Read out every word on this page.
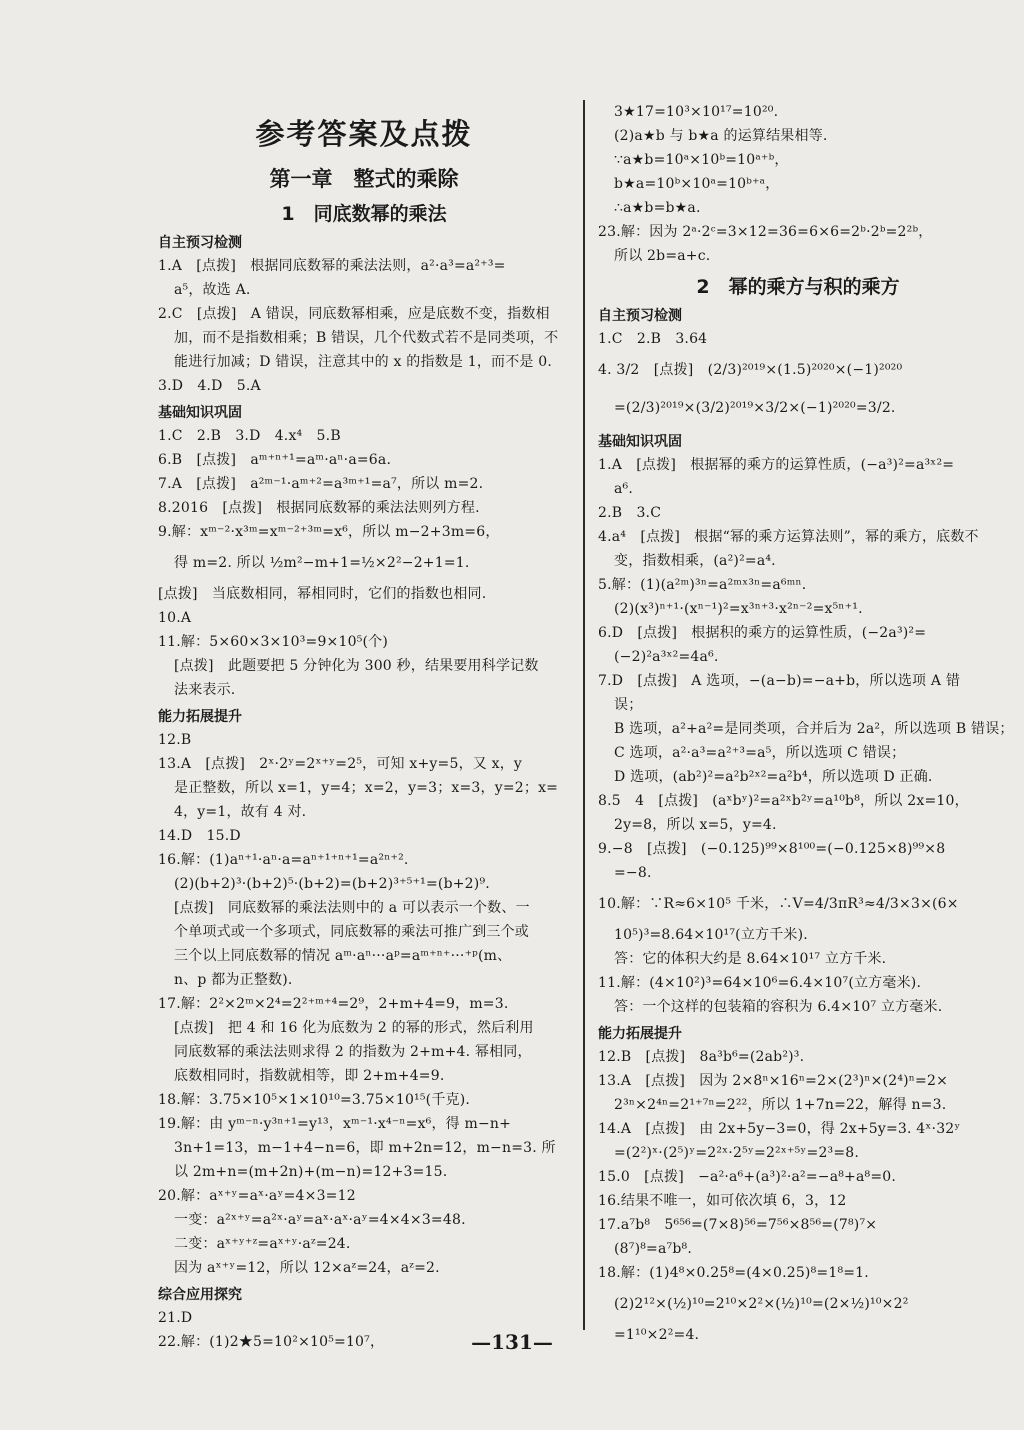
参考答案及点拨
第一章　整式的乘除
1　同底数幂的乘法
自主预习检测
1.A　[点拨]　根据同底数幂的乘法法则，a²·a³=a²⁺³=
a⁵，故选 A.
2.C　[点拨]　A 错误，同底数幂相乘，应是底数不变，指数相
加，而不是指数相乘；B 错误，几个代数式若不是同类项，不
能进行加减；D 错误，注意其中的 x 的指数是 1，而不是 0.
3.D　4.D　5.A
基础知识巩固
1.C　2.B　3.D　4.x⁴　5.B
6.B　[点拨]　aᵐ⁺ⁿ⁺¹=aᵐ·aⁿ·a=6a.
7.A　[点拨]　a²ᵐ⁻¹·aᵐ⁺²=a³ᵐ⁺¹=a⁷，所以 m=2.
8.2016　[点拨]　根据同底数幂的乘法法则列方程.
9.解：xᵐ⁻²·x³ᵐ=xᵐ⁻²⁺³ᵐ=x⁶，所以 m−2+3m=6，
得 m=2. 所以 ½m²−m+1=½×2²−2+1=1.
[点拨]　当底数相同，幂相同时，它们的指数也相同.
10.A
11.解：5×60×3×10³=9×10⁵(个)
[点拨]　此题要把 5 分钟化为 300 秒，结果要用科学记数
法来表示.
能力拓展提升
12.B
13.A　[点拨]　2ˣ·2ʸ=2ˣ⁺ʸ=2⁵，可知 x+y=5，又 x，y
是正整数，所以 x=1，y=4；x=2，y=3；x=3，y=2；x=
4，y=1，故有 4 对.
14.D　15.D
16.解：(1)aⁿ⁺¹·aⁿ·a=aⁿ⁺¹⁺ⁿ⁺¹=a²ⁿ⁺².
(2)(b+2)³·(b+2)⁵·(b+2)=(b+2)³⁺⁵⁺¹=(b+2)⁹.
[点拨]　同底数幂的乘法法则中的 a 可以表示一个数、一
个单项式或一个多项式，同底数幂的乘法可推广到三个或
三个以上同底数幂的情况 aᵐ·aⁿ···aᵖ=aᵐ⁺ⁿ⁺···⁺ᵖ(m、
n、p 都为正整数).
17.解：2²×2ᵐ×2⁴=2²⁺ᵐ⁺⁴=2⁹，2+m+4=9，m=3.
[点拨]　把 4 和 16 化为底数为 2 的幂的形式，然后利用
同底数幂的乘法法则求得 2 的指数为 2+m+4. 幂相同，
底数相同时，指数就相等，即 2+m+4=9.
18.解：3.75×10⁵×1×10¹⁰=3.75×10¹⁵(千克).
19.解：由 yᵐ⁻ⁿ·y³ⁿ⁺¹=y¹³，xᵐ⁻¹·x⁴⁻ⁿ=x⁶，得 m−n+
3n+1=13，m−1+4−n=6，即 m+2n=12，m−n=3. 所
以 2m+n=(m+2n)+(m−n)=12+3=15.
20.解：aˣ⁺ʸ=aˣ·aʸ=4×3=12
一变：a²ˣ⁺ʸ=a²ˣ·aʸ=aˣ·aˣ·aʸ=4×4×3=48.
二变：aˣ⁺ʸ⁺ᶻ=aˣ⁺ʸ·aᶻ=24.
因为 aˣ⁺ʸ=12，所以 12×aᶻ=24，aᶻ=2.
综合应用探究
21.D
22.解：(1)2★5=10²×10⁵=10⁷，
3★17=10³×10¹⁷=10²⁰.
(2)a★b 与 b★a 的运算结果相等.
∵a★b=10ᵃ×10ᵇ=10ᵃ⁺ᵇ，
b★a=10ᵇ×10ᵃ=10ᵇ⁺ᵃ，
∴a★b=b★a.
23.解：因为 2ᵃ·2ᶜ=3×12=36=6×6=2ᵇ·2ᵇ=2²ᵇ，
所以 2b=a+c.
2　幂的乘方与积的乘方
自主预习检测
1.C　2.B　3.64
4. 3/2　[点拨]　(2/3)²⁰¹⁹×(1.5)²⁰²⁰×(−1)²⁰²⁰
=(2/3)²⁰¹⁹×(3/2)²⁰¹⁹×3/2×(−1)²⁰²⁰=3/2.
基础知识巩固
1.A　[点拨]　根据幂的乘方的运算性质，(−a³)²=a³ˣ²=
a⁶.
2.B　3.C
4.a⁴　[点拨]　根据“幂的乘方运算法则”，幂的乘方，底数不
变，指数相乘，(a²)²=a⁴.
5.解：(1)(a²ᵐ)³ⁿ=a²ᵐˣ³ⁿ=a⁶ᵐⁿ.
(2)(x³)ⁿ⁺¹·(xⁿ⁻¹)²=x³ⁿ⁺³·x²ⁿ⁻²=x⁵ⁿ⁺¹.
6.D　[点拨]　根据积的乘方的运算性质，(−2a³)²=
(−2)²a³ˣ²=4a⁶.
7.D　[点拨]　A 选项，−(a−b)=−a+b，所以选项 A 错
误；
B 选项，a²+a²=是同类项，合并后为 2a²，所以选项 B 错误；
C 选项，a²·a³=a²⁺³=a⁵，所以选项 C 错误；
D 选项，(ab²)²=a²b²ˣ²=a²b⁴，所以选项 D 正确.
8.5　4　[点拨]　(aˣbʸ)²=a²ˣb²ʸ=a¹⁰b⁸，所以 2x=10，
2y=8，所以 x=5，y=4.
9.−8　[点拨]　(−0.125)⁹⁹×8¹⁰⁰=(−0.125×8)⁹⁹×8
=−8.
10.解：∵R≈6×10⁵ 千米，∴V=4/3πR³≈4/3×3×(6×
10⁵)³=8.64×10¹⁷(立方千米).
答：它的体积大约是 8.64×10¹⁷ 立方千米.
11.解：(4×10²)³=64×10⁶=6.4×10⁷(立方毫米).
答：一个这样的包装箱的容积为 6.4×10⁷ 立方毫米.
能力拓展提升
12.B　[点拨]　8a³b⁶=(2ab²)³.
13.A　[点拨]　因为 2×8ⁿ×16ⁿ=2×(2³)ⁿ×(2⁴)ⁿ=2×
2³ⁿ×2⁴ⁿ=2¹⁺⁷ⁿ=2²²，所以 1+7n=22，解得 n=3.
14.A　[点拨]　由 2x+5y−3=0，得 2x+5y=3. 4ˣ·32ʸ
=(2²)ˣ·(2⁵)ʸ=2²ˣ·2⁵ʸ=2²ˣ⁺⁵ʸ=2³=8.
15.0　[点拨]　−a²·a⁶+(a³)²·a²=−a⁸+a⁸=0.
16.结果不唯一，如可依次填 6，3，12
17.a⁷b⁸　5⁶⁵⁶=(7×8)⁵⁶=7⁵⁶×8⁵⁶=(7⁸)⁷×
(8⁷)⁸=a⁷b⁸.
18.解：(1)4⁸×0.25⁸=(4×0.25)⁸=1⁸=1.
(2)2¹²×(½)¹⁰=2¹⁰×2²×(½)¹⁰=(2×½)¹⁰×2²
=1¹⁰×2²=4.
—131—
